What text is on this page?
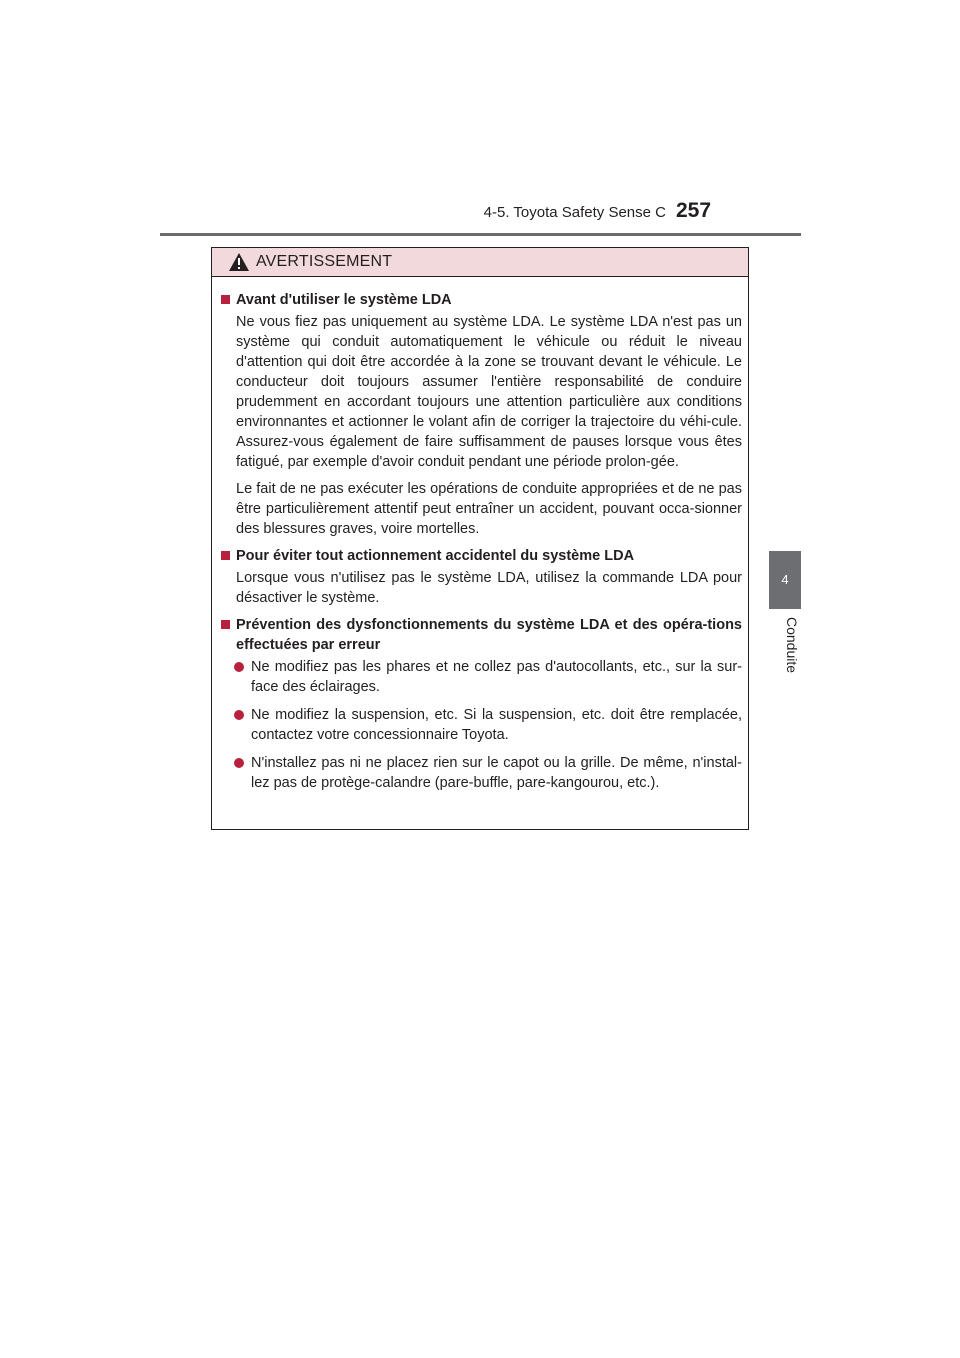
4-5. Toyota Safety Sense C 257
4
Conduite
AVERTISSEMENT
Avant d'utiliser le système LDA

Ne vous fiez pas uniquement au système LDA. Le système LDA n'est pas un système qui conduit automatiquement le véhicule ou réduit le niveau d'attention qui doit être accordée à la zone se trouvant devant le véhicule. Le conducteur doit toujours assumer l'entière responsabilité de conduire prudemment en accordant toujours une attention particulière aux conditions environnantes et actionner le volant afin de corriger la trajectoire du véhi-cule. Assurez-vous également de faire suffisamment de pauses lorsque vous êtes fatigué, par exemple d'avoir conduit pendant une période prolon-gée.

Le fait de ne pas exécuter les opérations de conduite appropriées et de ne pas être particulièrement attentif peut entraîner un accident, pouvant occa-sionner des blessures graves, voire mortelles.

Pour éviter tout actionnement accidentel du système LDA

Lorsque vous n'utilisez pas le système LDA, utilisez la commande LDA pour désactiver le système.

Prévention des dysfonctionnements du système LDA et des opéra-tions effectuées par erreur
Ne modifiez pas les phares et ne collez pas d'autocollants, etc., sur la sur-face des éclairages.
Ne modifiez la suspension, etc. Si la suspension, etc. doit être remplacée, contactez votre concessionnaire Toyota.
N'installez pas ni ne placez rien sur le capot ou la grille. De même, n'instal-lez pas de protège-calandre (pare-buffle, pare-kangourou, etc.).
